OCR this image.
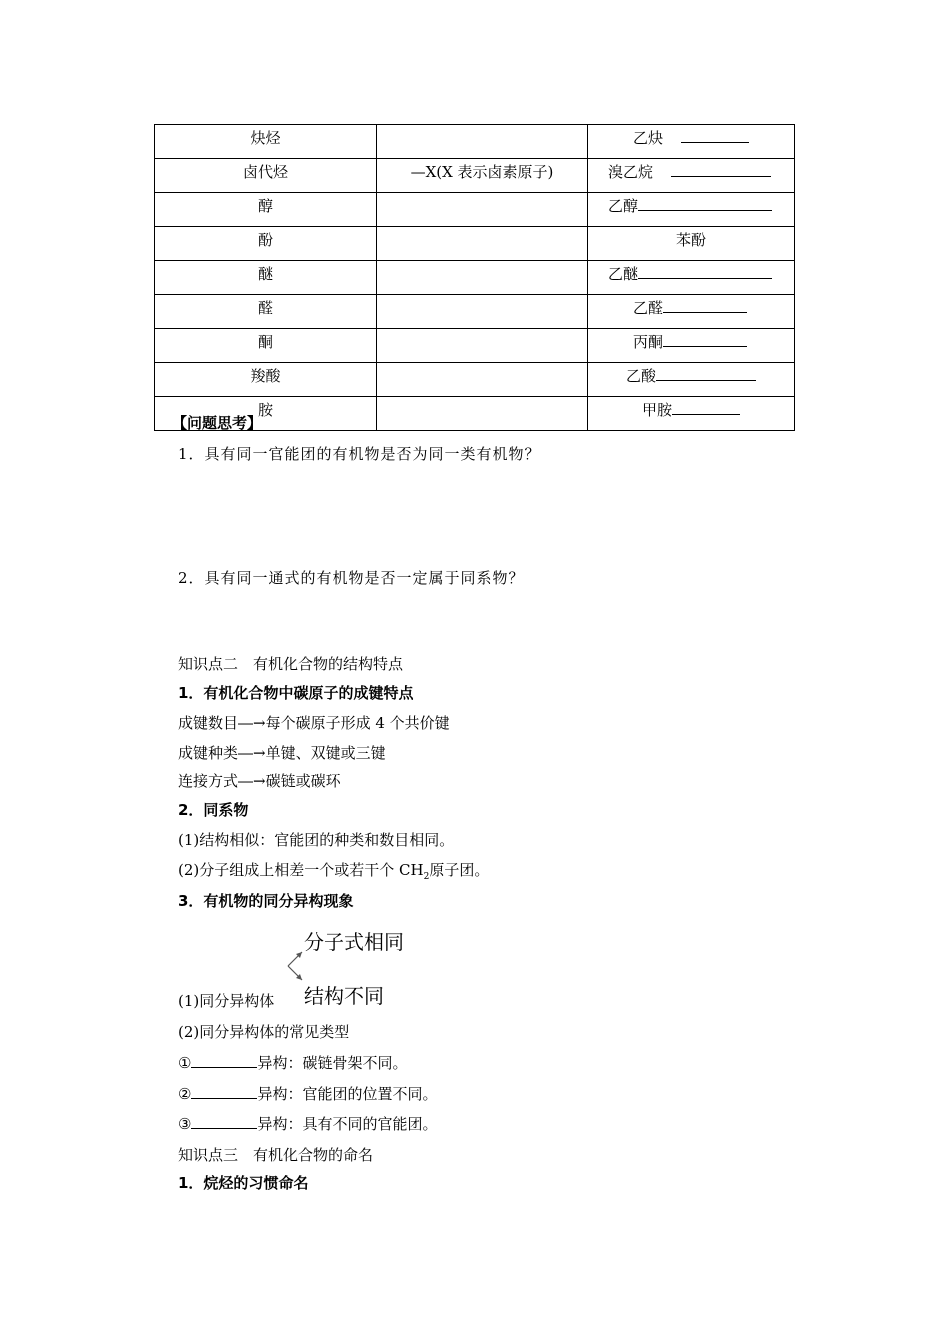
炔烃		乙炔
卤代烃	—X(X 表示卤素原子)	溴乙烷
醇		乙醇
酚		苯酚
醚		乙醚
醛		乙醛
酮		丙酮
羧酸		乙酸
胺		甲胺
【问题思考】
1．具有同一官能团的有机物是否为同一类有机物？
2．具有同一通式的有机物是否一定属于同系物？
知识点二　有机化合物的结构特点
1．有机化合物中碳原子的成键特点
成键数目―→每个碳原子形成 4 个共价键
成键种类―→单键、双键或三键
连接方式―→碳链或碳环
2．同系物
(1)结构相似：官能团的种类和数目相同。
(2)分子组成上相差一个或若干个 $CH_2$原子团。
3．有机物的同分异构现象
分子式相同
结构不同
(1)同分异构体
(2)同分异构体的常见类型
①	异构：碳链骨架不同。
②	异构：官能团的位置不同。
③	异构：具有不同的官能团。
知识点三　有机化合物的命名
1．烷烃的习惯命名
